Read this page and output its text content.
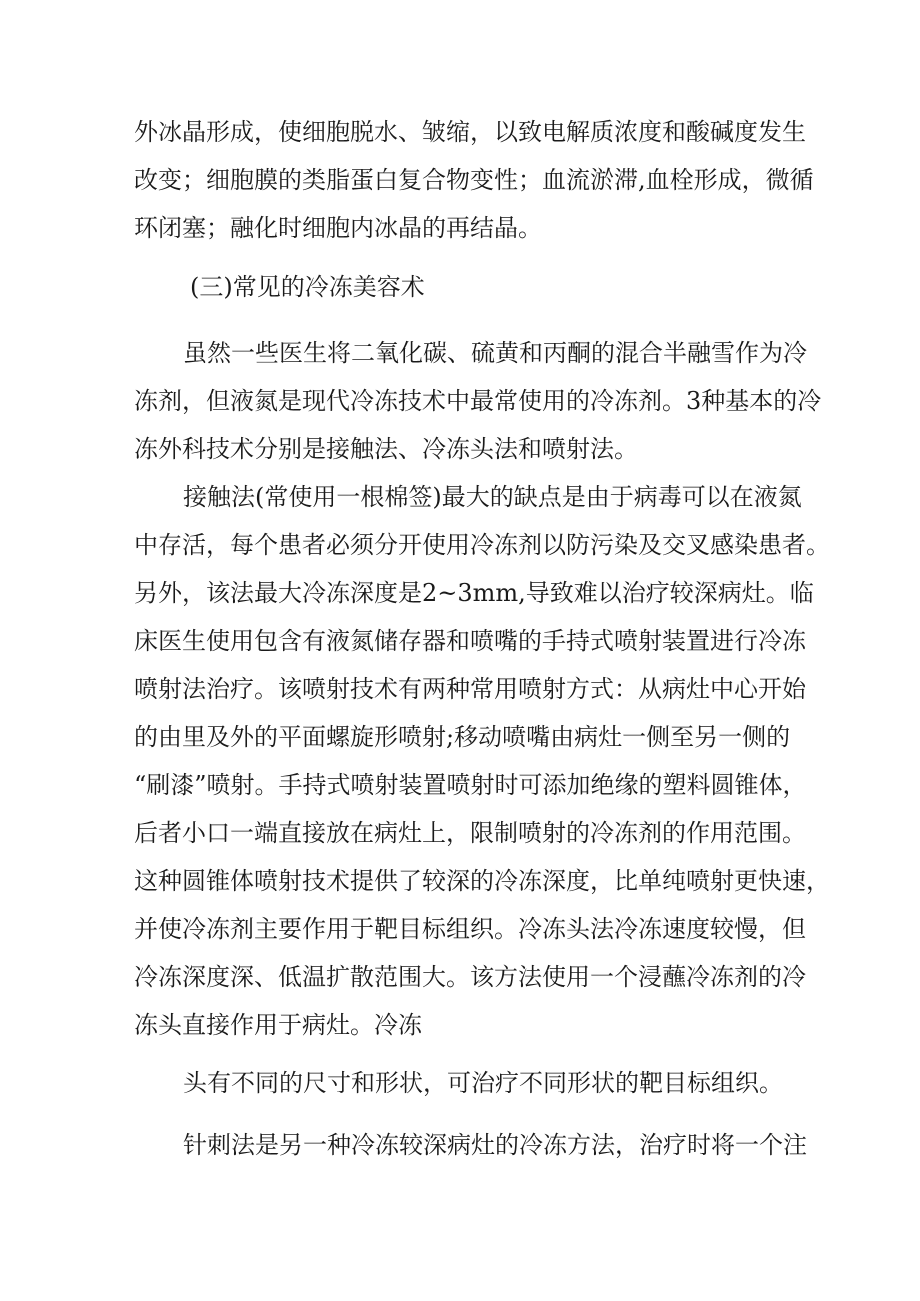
外冰晶形成，使细胞脱水、皱缩，以致电解质浓度和酸碱度发生
改变；细胞膜的类脂蛋白复合物变性；血流淤滞,血栓形成，微循
环闭塞；融化时细胞内冰晶的再结晶。
(三)常见的冷冻美容术
虽然一些医生将二氧化碳、硫黄和丙酮的混合半融雪作为冷
冻剂，但液氮是现代冷冻技术中最常使用的冷冻剂。3种基本的冷
冻外科技术分别是接触法、冷冻头法和喷射法。
接触法(常使用一根棉签)最大的缺点是由于病毒可以在液氮
中存活，每个患者必须分开使用冷冻剂以防污染及交叉感染患者。
另外，该法最大冷冻深度是2~3mm,导致难以治疗较深病灶。临
床医生使用包含有液氮储存器和喷嘴的手持式喷射装置进行冷冻
喷射法治疗。该喷射技术有两种常用喷射方式：从病灶中心开始
的由里及外的平面螺旋形喷射;移动喷嘴由病灶一侧至另一侧的
“刷漆”喷射。手持式喷射装置喷射时可添加绝缘的塑料圆锥体，
后者小口一端直接放在病灶上，限制喷射的冷冻剂的作用范围。
这种圆锥体喷射技术提供了较深的冷冻深度，比单纯喷射更快速，
并使冷冻剂主要作用于靶目标组织。冷冻头法冷冻速度较慢，但
冷冻深度深、低温扩散范围大。该方法使用一个浸蘸冷冻剂的冷
冻头直接作用于病灶。冷冻
头有不同的尺寸和形状，可治疗不同形状的靶目标组织。
针刺法是另一种冷冻较深病灶的冷冻方法，治疗时将一个注
